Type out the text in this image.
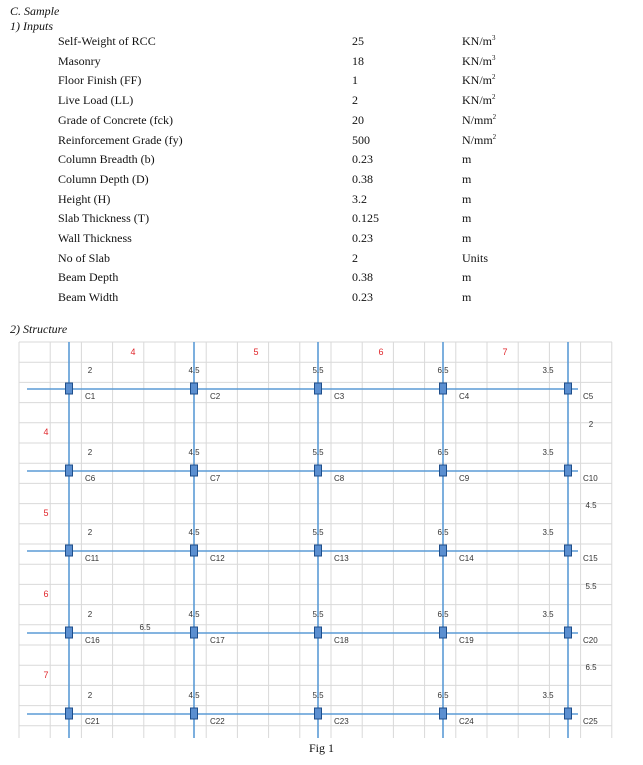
C. Sample
1) Inputs
Self-Weight of RCC	25	$KN/m^3$
Masonry	18	$KN/m^3$
Floor Finish (FF)	1	$KN/m^2$
Live Load (LL)	2	$KN/m^2$
Grade of Concrete (fck)	20	$N/mm^2$
Reinforcement Grade (fy)	500	$N/mm^2$
Column Breadth (b)	0.23	m
Column Depth (D)	0.38	m
Height (H)	3.2	m
Slab Thickness (T)	0.125	m
Wall Thickness	0.23	m
No of Slab	2	Units
Beam Depth	0.38	m
Beam Width	0.23	m
2) Structure
4	5	6	7
4
5
6
7
2	4.5	5.5	6.5	3.5
2	4.5	5.5	6.5	3.5
2	4.5	5.5	6.5	3.5
2	4.5	5.5	6.5	3.5
2	4.5	5.5	6.5	3.5
2
4.5
5.5
6.5
6.5
C1	C2	C3	C4	C5
C6	C7	C8	C9	C10
C11	C12	C13	C14	C15
C16	C17	C18	C19	C20
C21	C22	C23	C24	C25
Fig 1
